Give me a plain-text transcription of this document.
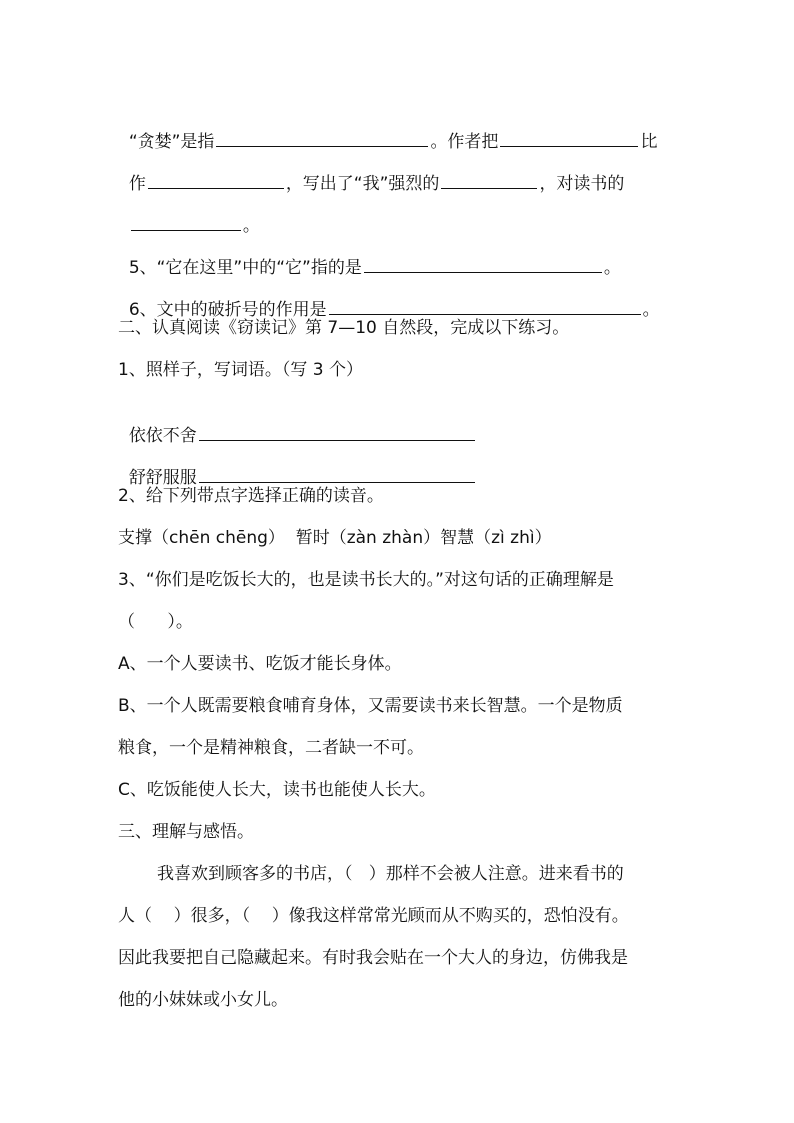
“贪婪”是指	。作者把	比

作	，写出了“我”强烈的	，对读书的

。

5、“它在这里”中的“它”指的是	。

6、文中的破折号的作用是	。

二、认真阅读《窃读记》第 7—10 自然段，完成以下练习。
1、照样子，写词语。（写 3 个）

依依不舍

舒舒服服

2、给下列带点字选择正确的读音。
支撑（chēn chēng）  暂时（zàn zhàn）智慧（zì zhì）
3、“你们是吃饭长大的，也是读书长大的。”对这句话的正确理解是
（      ）。
A、一个人要读书、吃饭才能长身体。
B、一个人既需要粮食哺育身体，又需要读书来长智慧。一个是物质
粮食，一个是精神粮食，二者缺一不可。
C、吃饭能使人长大，读书也能使人长大。
三、理解与感悟。
我喜欢到顾客多的书店，（   ）那样不会被人注意。进来看书的
人（    ）很多，（    ）像我这样常常光顾而从不购买的，恐怕没有。
因此我要把自己隐藏起来。有时我会贴在一个大人的身边，仿佛我是
他的小妹妹或小女儿。
